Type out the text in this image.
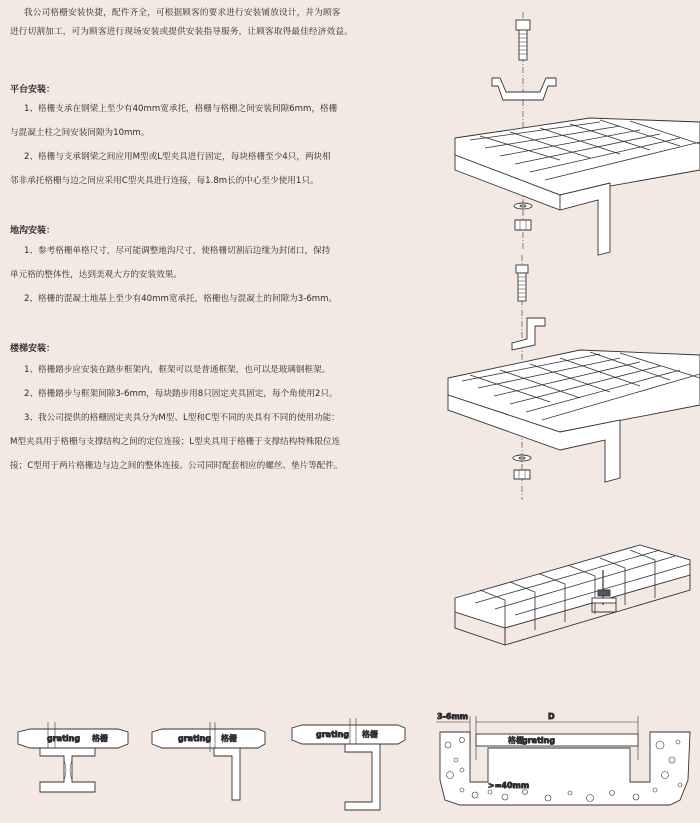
我公司格栅安装快捷，配件齐全，可根据顾客的要求进行安装铺放设计，并为顾客
进行切割加工，可为顾客进行现场安装或提供安装指导服务，让顾客取得最佳经济效益。
平台安装：
1、格栅支承在钢梁上至少有40mm宽承托，格栅与格栅之间安装间隙6mm，格栅
与混凝土柱之间安装间隙为10mm。
2、格栅与支承钢梁之间应用M型或L型夹具进行固定，每块格栅至少4只，两块相
邻非承托格栅与边之间应采用C型夹具进行连接，每1.8m长的中心至少使用1只。
地沟安装：
1、参考格栅单格尺寸，尽可能调整地沟尺寸，使格栅切割后边缘为封闭口，保持
单元格的整体性，达到美观大方的安装效果。
2、格栅的混凝土地基上至少有40mm宽承托，格栅也与混凝土的间隙为3-6mm。
楼梯安装：
1、格栅踏步应安装在踏步框架内，框架可以是普通框架，也可以是玻璃钢框架。
2、格栅踏步与框架间隙3-6mm，每块踏步用8只固定夹具固定，每个角使用2只。
3、我公司提供的格栅固定夹具分为M型、L型和C型不同的夹具有不同的使用功能：
M型夹具用于格栅与支撑结构之间的定位连接；L型夹具用于格栅于支撑结构特殊限位连
接；C型用于两片格栅边与边之间的整体连接。公司同时配套相应的螺丝、垫片等配件。
grating 格栅	grating 格栅	grating 格栅
3-6mm	D
格栅
grating
>=40mm
